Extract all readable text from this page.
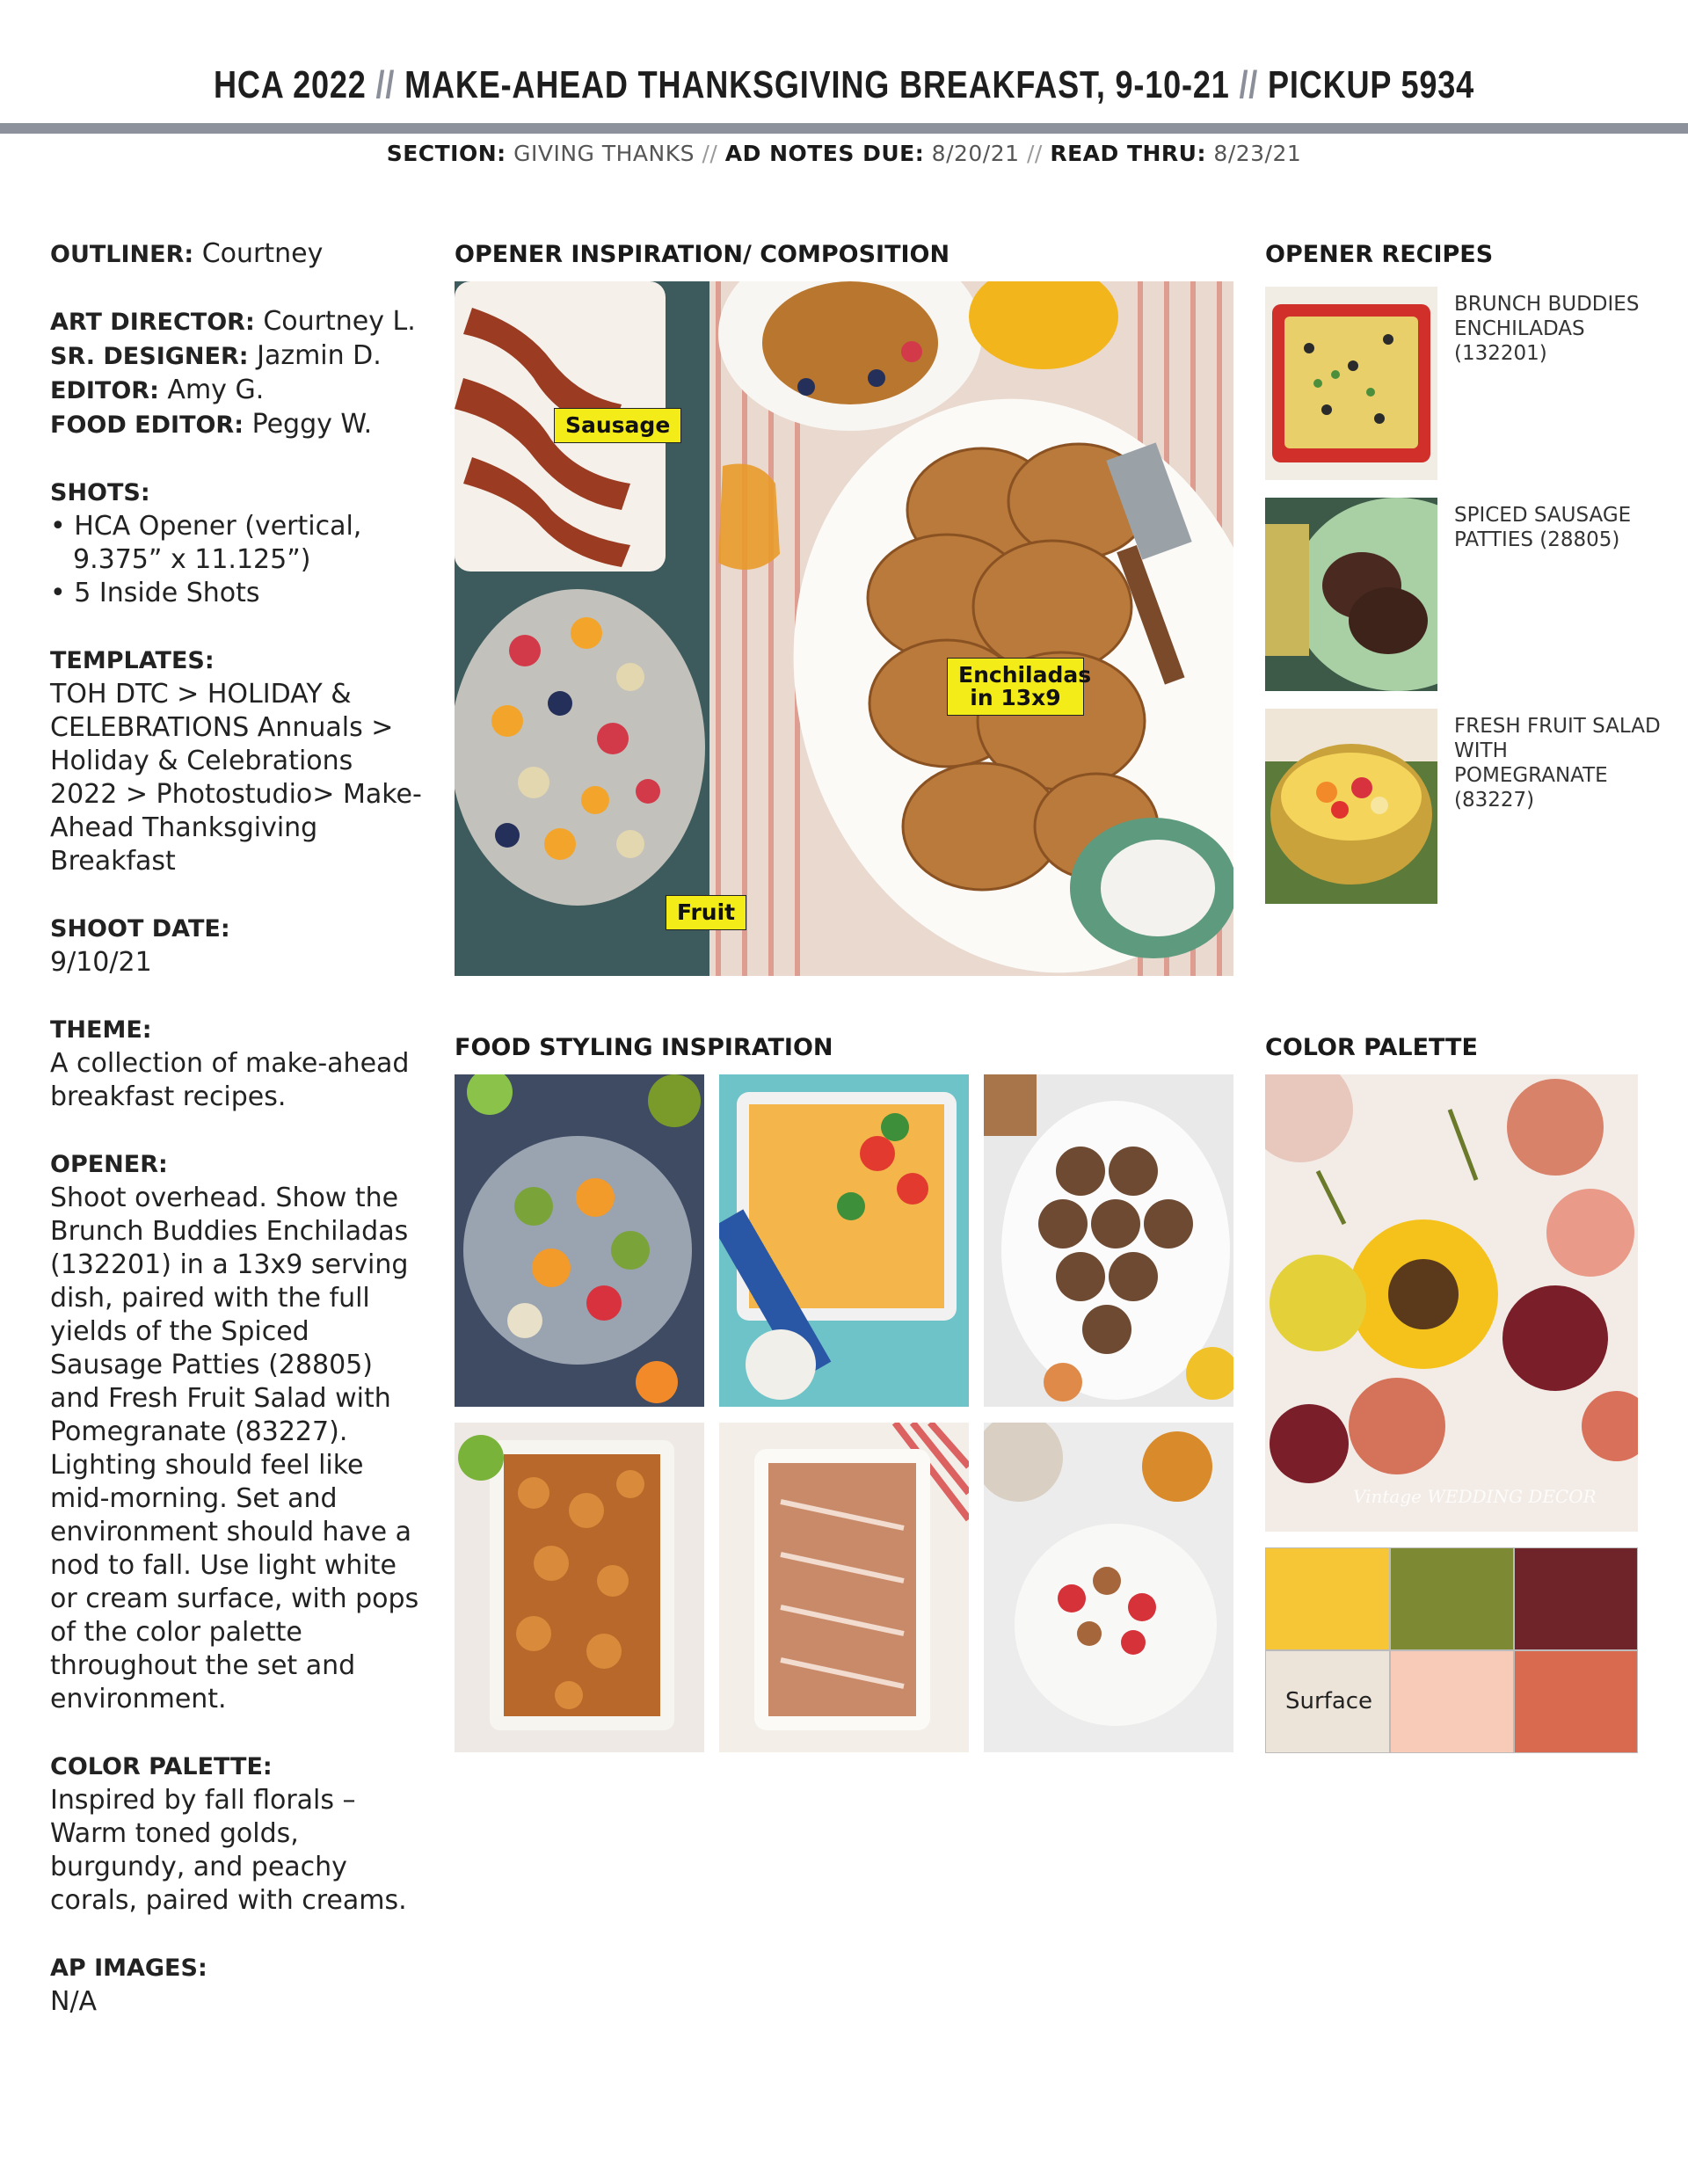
HCA 2022 // MAKE-AHEAD THANKSGIVING BREAKFAST, 9-10-21 // PICKUP 5934
SECTION: GIVING THANKS // AD NOTES DUE: 8/20/21 // READ THRU: 8/23/21

OUTLINER: Courtney

ART DIRECTOR: Courtney L.

SR. DESIGNER: Jazmin D.

EDITOR: Amy G.

FOOD EDITOR: Peggy W.

SHOTS:

• HCA Opener (vertical, 9.375” x 11.125”)

• 5 Inside Shots

TEMPLATES:

TOH DTC > HOLIDAY & CELEBRATIONS Annuals > Holiday & Celebrations 2022 > Photostudio> Make-Ahead Thanksgiving Breakfast

SHOOT DATE:

9/10/21

THEME:

A collection of make-ahead breakfast recipes.

OPENER:

Shoot overhead. Show the Brunch Buddies Enchiladas (132201) in a 13x9 serving dish, paired with the full yields of the Spiced Sausage Patties (28805) and Fresh Fruit Salad with Pomegranate (83227). Lighting should feel like mid-morning. Set and environment should have a nod to fall. Use light white or cream surface, with pops of the color palette throughout the set and environment.

COLOR PALETTE:

Inspired by fall florals – Warm toned golds, burgundy, and peachy corals, paired with creams.

AP IMAGES:

N/A

OPENER INSPIRATION/ COMPOSITION
Sausage
Enchiladas in 13x9
Fruit
OPENER RECIPES
BRUNCH BUDDIES ENCHILADAS (132201)
SPICED SAUSAGE PATTIES (28805)
FRESH FRUIT SALAD WITH POMEGRANATE (83227)
FOOD STYLING INSPIRATION	COLOR PALETTE
Vintage WEDDING DECOR
Surface
